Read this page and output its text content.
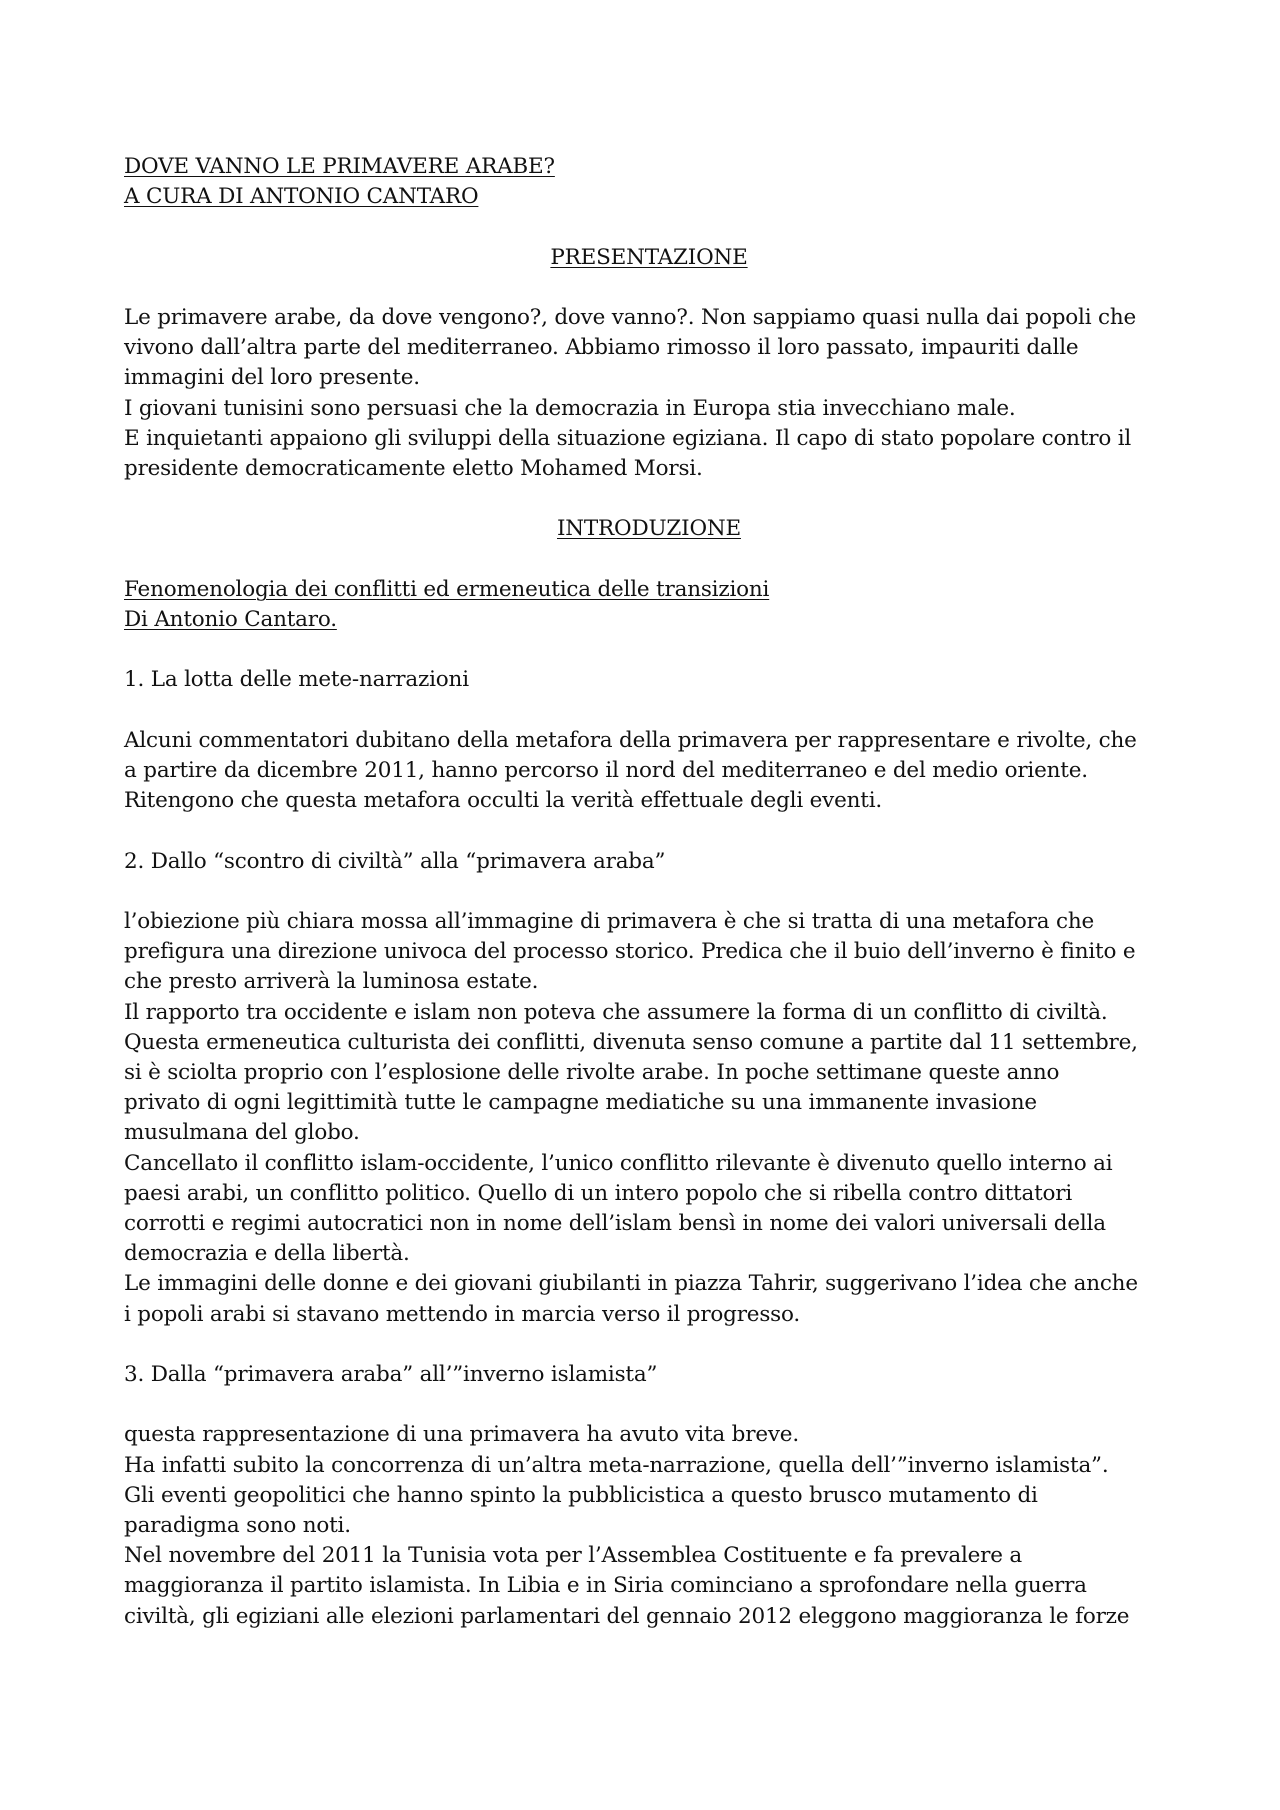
DOVE VANNO LE PRIMAVERE ARABE?
A CURA DI ANTONIO CANTARO
PRESENTAZIONE

Le primavere arabe, da dove vengono?, dove vanno?. Non sappiamo quasi nulla dai popoli che

vivono dall’altra parte del mediterraneo. Abbiamo rimosso il loro passato, impauriti dalle

immagini del loro presente.

I giovani tunisini sono persuasi che la democrazia in Europa stia invecchiano male.

E inquietanti appaiono gli sviluppi della situazione egiziana. Il capo di stato popolare contro il

presidente democraticamente eletto Mohamed Morsi.

INTRODUZIONE

Fenomenologia dei conflitti ed ermeneutica delle transizioni

Di Antonio Cantaro.

1. La lotta delle mete-narrazioni

Alcuni commentatori dubitano della metafora della primavera per rappresentare e rivolte, che

a partire da dicembre 2011, hanno percorso il nord del mediterraneo e del medio oriente.

Ritengono che questa metafora occulti la verità effettuale degli eventi.

2. Dallo “scontro di civiltà” alla “primavera araba”

l’obiezione più chiara mossa all’immagine di primavera è che si tratta di una metafora che

prefigura una direzione univoca del processo storico. Predica che il buio dell’inverno è finito e

che presto arriverà la luminosa estate.

Il rapporto tra occidente e islam non poteva che assumere la forma di un conflitto di civiltà.

Questa ermeneutica culturista dei conflitti, divenuta senso comune a partite dal 11 settembre,

si è sciolta proprio con l’esplosione delle rivolte arabe. In poche settimane queste anno

privato di ogni legittimità tutte le campagne mediatiche su una immanente invasione

musulmana del globo.

Cancellato il conflitto islam-occidente, l’unico conflitto rilevante è divenuto quello interno ai

paesi arabi, un conflitto politico. Quello di un intero popolo che si ribella contro dittatori

corrotti e regimi autocratici non in nome dell’islam bensì in nome dei valori universali della

democrazia e della libertà.

Le immagini delle donne e dei giovani giubilanti in piazza Tahrir, suggerivano l’idea che anche

i popoli arabi si stavano mettendo in marcia verso il progresso.

3. Dalla “primavera araba” all’”inverno islamista”

questa rappresentazione di una primavera ha avuto vita breve.

Ha infatti subito la concorrenza di un’altra meta-narrazione, quella dell’”inverno islamista”.

Gli eventi geopolitici che hanno spinto la pubblicistica a questo brusco mutamento di

paradigma sono noti.

Nel novembre del 2011 la Tunisia vota per l’Assemblea Costituente e fa prevalere a

maggioranza il partito islamista. In Libia e in Siria cominciano a sprofondare nella guerra

civiltà, gli egiziani alle elezioni parlamentari del gennaio 2012 eleggono maggioranza le forze
